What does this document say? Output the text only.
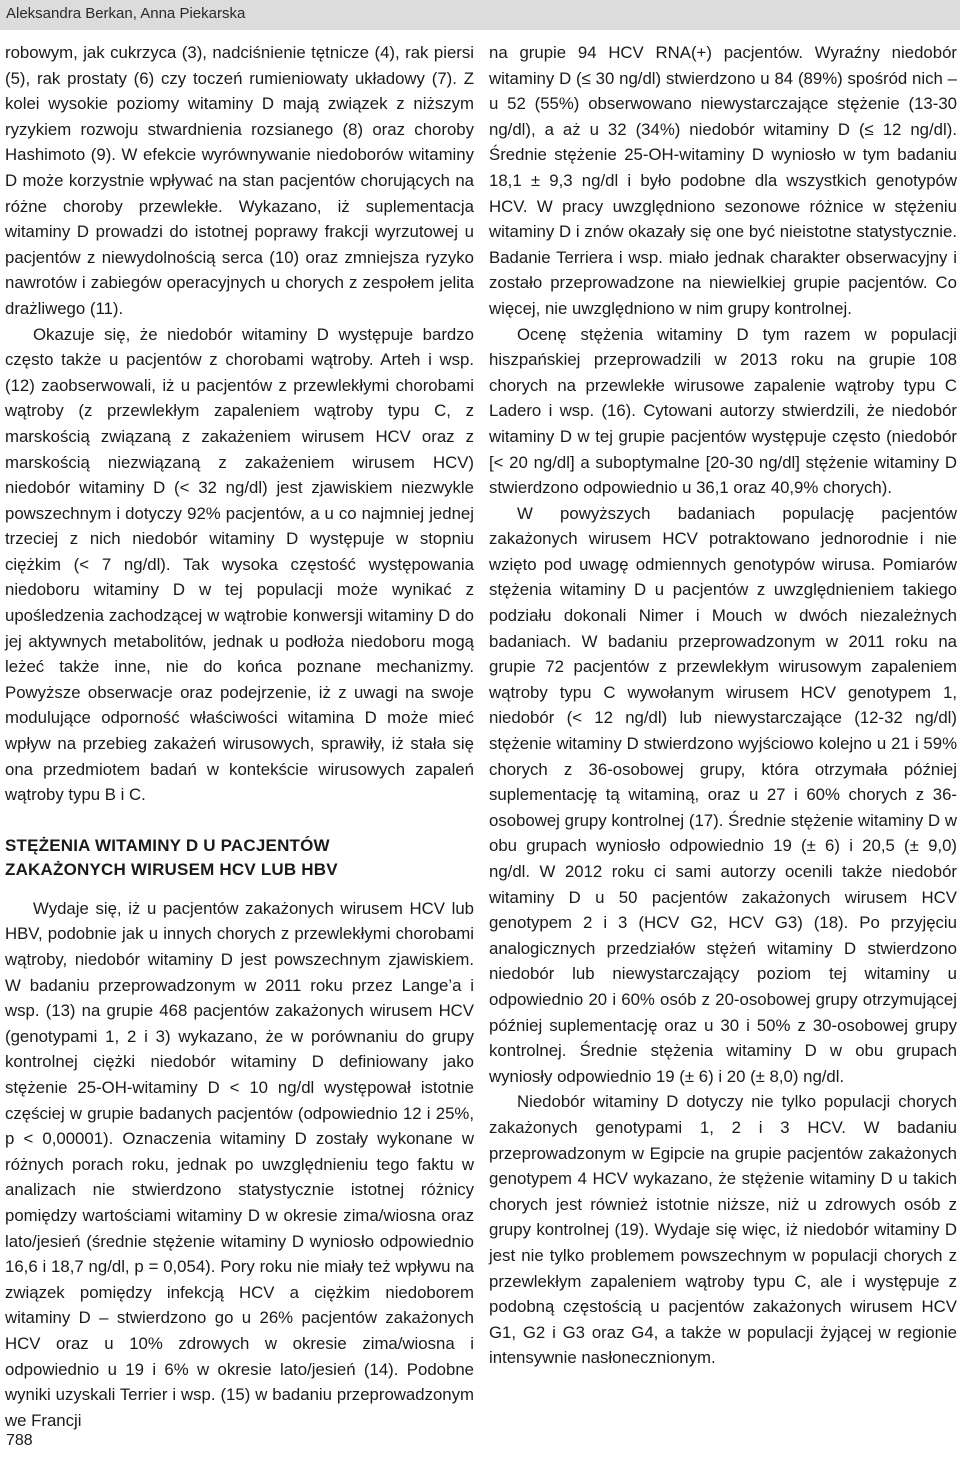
Aleksandra Berkan, Anna Piekarska

robowym, jak cukrzyca (3), nadciśnienie tętnicze (4), rak piersi (5), rak prostaty (6) czy toczeń rumieniowaty układowy (7). Z kolei wysokie poziomy witaminy D mają związek z niższym ryzykiem rozwoju stwardnienia rozsianego (8) oraz choroby Hashimoto (9). W efekcie wyrównywanie niedoborów witaminy D może korzystnie wpływać na stan pacjentów chorujących na różne choroby przewlekłe. Wykazano, iż suplementacja witaminy D prowadzi do istotnej poprawy frakcji wyrzutowej u pacjentów z niewydolnością serca (10) oraz zmniejsza ryzyko nawrotów i zabiegów operacyjnych u chorych z zespołem jelita drażliwego (11).

Okazuje się, że niedobór witaminy D występuje bardzo często także u pacjentów z chorobami wątroby. Arteh i wsp. (12) zaobserwowali, iż u pacjentów z przewlekłymi chorobami wątroby (z przewlekłym zapaleniem wątroby typu C, z marskością związaną z zakażeniem wirusem HCV oraz z marskością niezwiązaną z zakażeniem wirusem HCV) niedobór witaminy D (< 32 ng/dl) jest zjawiskiem niezwykle powszechnym i dotyczy 92% pacjentów, a u co najmniej jednej trzeciej z nich niedobór witaminy D występuje w stopniu ciężkim (< 7 ng/dl). Tak wysoka częstość występowania niedoboru witaminy D w tej populacji może wynikać z upośledzenia zachodzącej w wątrobie konwersji witaminy D do jej aktywnych metabolitów, jednak u podłoża niedoboru mogą leżeć także inne, nie do końca poznane mechanizmy. Powyższe obserwacje oraz podejrzenie, iż z uwagi na swoje modulujące odporność właściwości witamina D może mieć wpływ na przebieg zakażeń wirusowych, sprawiły, iż stała się ona przedmiotem badań w kontekście wirusowych zapaleń wątroby typu B i C.

STĘŻENIA WITAMINY D U PACJENTÓW
ZAKAŻONYCH WIRUSEM HCV LUB HBV

Wydaje się, iż u pacjentów zakażonych wirusem HCV lub HBV, podobnie jak u innych chorych z przewlekłymi chorobami wątroby, niedobór witaminy D jest powszechnym zjawiskiem. W badaniu przeprowadzonym w 2011 roku przez Lange’a i wsp. (13) na grupie 468 pacjentów zakażonych wirusem HCV (genotypami 1, 2 i 3) wykazano, że w porównaniu do grupy kontrolnej ciężki niedobór witaminy D definiowany jako stężenie 25-OH-witaminy D < 10 ng/dl występował istotnie częściej w grupie badanych pacjentów (odpowiednio 12 i 25%, p < 0,00001). Oznaczenia witaminy D zostały wykonane w różnych porach roku, jednak po uwzględnieniu tego faktu w analizach nie stwierdzono statystycznie istotnej różnicy pomiędzy wartościami witaminy D w okresie zima/wiosna oraz lato/jesień (średnie stężenie witaminy D wyniosło odpowiednio 16,6 i 18,7 ng/dl, p = 0,054). Pory roku nie miały też wpływu na związek pomiędzy infekcją HCV a ciężkim niedoborem witaminy D – stwierdzono go u 26% pacjentów zakażonych HCV oraz u 10% zdrowych w okresie zima/wiosna i odpowiednio u 19 i 6% w okresie lato/jesień (14). Podobne wyniki uzyskali Terrier i wsp. (15) w badaniu przeprowadzonym we Francji

na grupie 94 HCV RNA(+) pacjentów. Wyraźny niedobór witaminy D (≤ 30 ng/dl) stwierdzono u 84 (89%) spośród nich – u 52 (55%) obserwowano niewystarczające stężenie (13-30 ng/dl), a aż u 32 (34%) niedobór witaminy D (≤ 12 ng/dl). Średnie stężenie 25-OH-witaminy D wyniosło w tym badaniu 18,1 ± 9,3 ng/dl i było podobne dla wszystkich genotypów HCV. W pracy uwzględniono sezonowe różnice w stężeniu witaminy D i znów okazały się one być nieistotne statystycznie. Badanie Terriera i wsp. miało jednak charakter obserwacyjny i zostało przeprowadzone na niewielkiej grupie pacjentów. Co więcej, nie uwzględniono w nim grupy kontrolnej.

Ocenę stężenia witaminy D tym razem w populacji hiszpańskiej przeprowadzili w 2013 roku na grupie 108 chorych na przewlekłe wirusowe zapalenie wątroby typu C Ladero i wsp. (16). Cytowani autorzy stwierdzili, że niedobór witaminy D w tej grupie pacjentów występuje często (niedobór [< 20 ng/dl] a suboptymalne [20-30 ng/dl] stężenie witaminy D stwierdzono odpowiednio u 36,1 oraz 40,9% chorych).

W powyższych badaniach populację pacjentów zakażonych wirusem HCV potraktowano jednorodnie i nie wzięto pod uwagę odmiennych genotypów wirusa. Pomiarów stężenia witaminy D u pacjentów z uwzględnieniem takiego podziału dokonali Nimer i Mouch w dwóch niezależnych badaniach. W badaniu przeprowadzonym w 2011 roku na grupie 72 pacjentów z przewlekłym wirusowym zapaleniem wątroby typu C wywołanym wirusem HCV genotypem 1, niedobór (< 12 ng/dl) lub niewystarczające (12-32 ng/dl) stężenie witaminy D stwierdzono wyjściowo kolejno u 21 i 59% chorych z 36-osobowej grupy, która otrzymała później suplementację tą witaminą, oraz u 27 i 60% chorych z 36-osobowej grupy kontrolnej (17). Średnie stężenie witaminy D w obu grupach wyniosło odpowiednio 19 (± 6) i 20,5 (± 9,0) ng/dl. W 2012 roku ci sami autorzy ocenili także niedobór witaminy D u 50 pacjentów zakażonych wirusem HCV genotypem 2 i 3 (HCV G2, HCV G3) (18). Po przyjęciu analogicznych przedziałów stężeń witaminy D stwierdzono niedobór lub niewystarczający poziom tej witaminy u odpowiednio 20 i 60% osób z 20-osobowej grupy otrzymującej później suplementację oraz u 30 i 50% z 30-osobowej grupy kontrolnej. Średnie stężenia witaminy D w obu grupach wyniosły odpowiednio 19 (± 6) i 20 (± 8,0) ng/dl.

Niedobór witaminy D dotyczy nie tylko populacji chorych zakażonych genotypami 1, 2 i 3 HCV. W badaniu przeprowadzonym w Egipcie na grupie pacjentów zakażonych genotypem 4 HCV wykazano, że stężenie witaminy D u takich chorych jest również istotnie niższe, niż u zdrowych osób z grupy kontrolnej (19). Wydaje się więc, iż niedobór witaminy D jest nie tylko problemem powszechnym w populacji chorych z przewlekłym zapaleniem wątroby typu C, ale i występuje z podobną częstością u pacjentów zakażonych wirusem HCV G1, G2 i G3 oraz G4, a także w populacji żyjącej w regionie intensywnie nasłonecznionym.

788
